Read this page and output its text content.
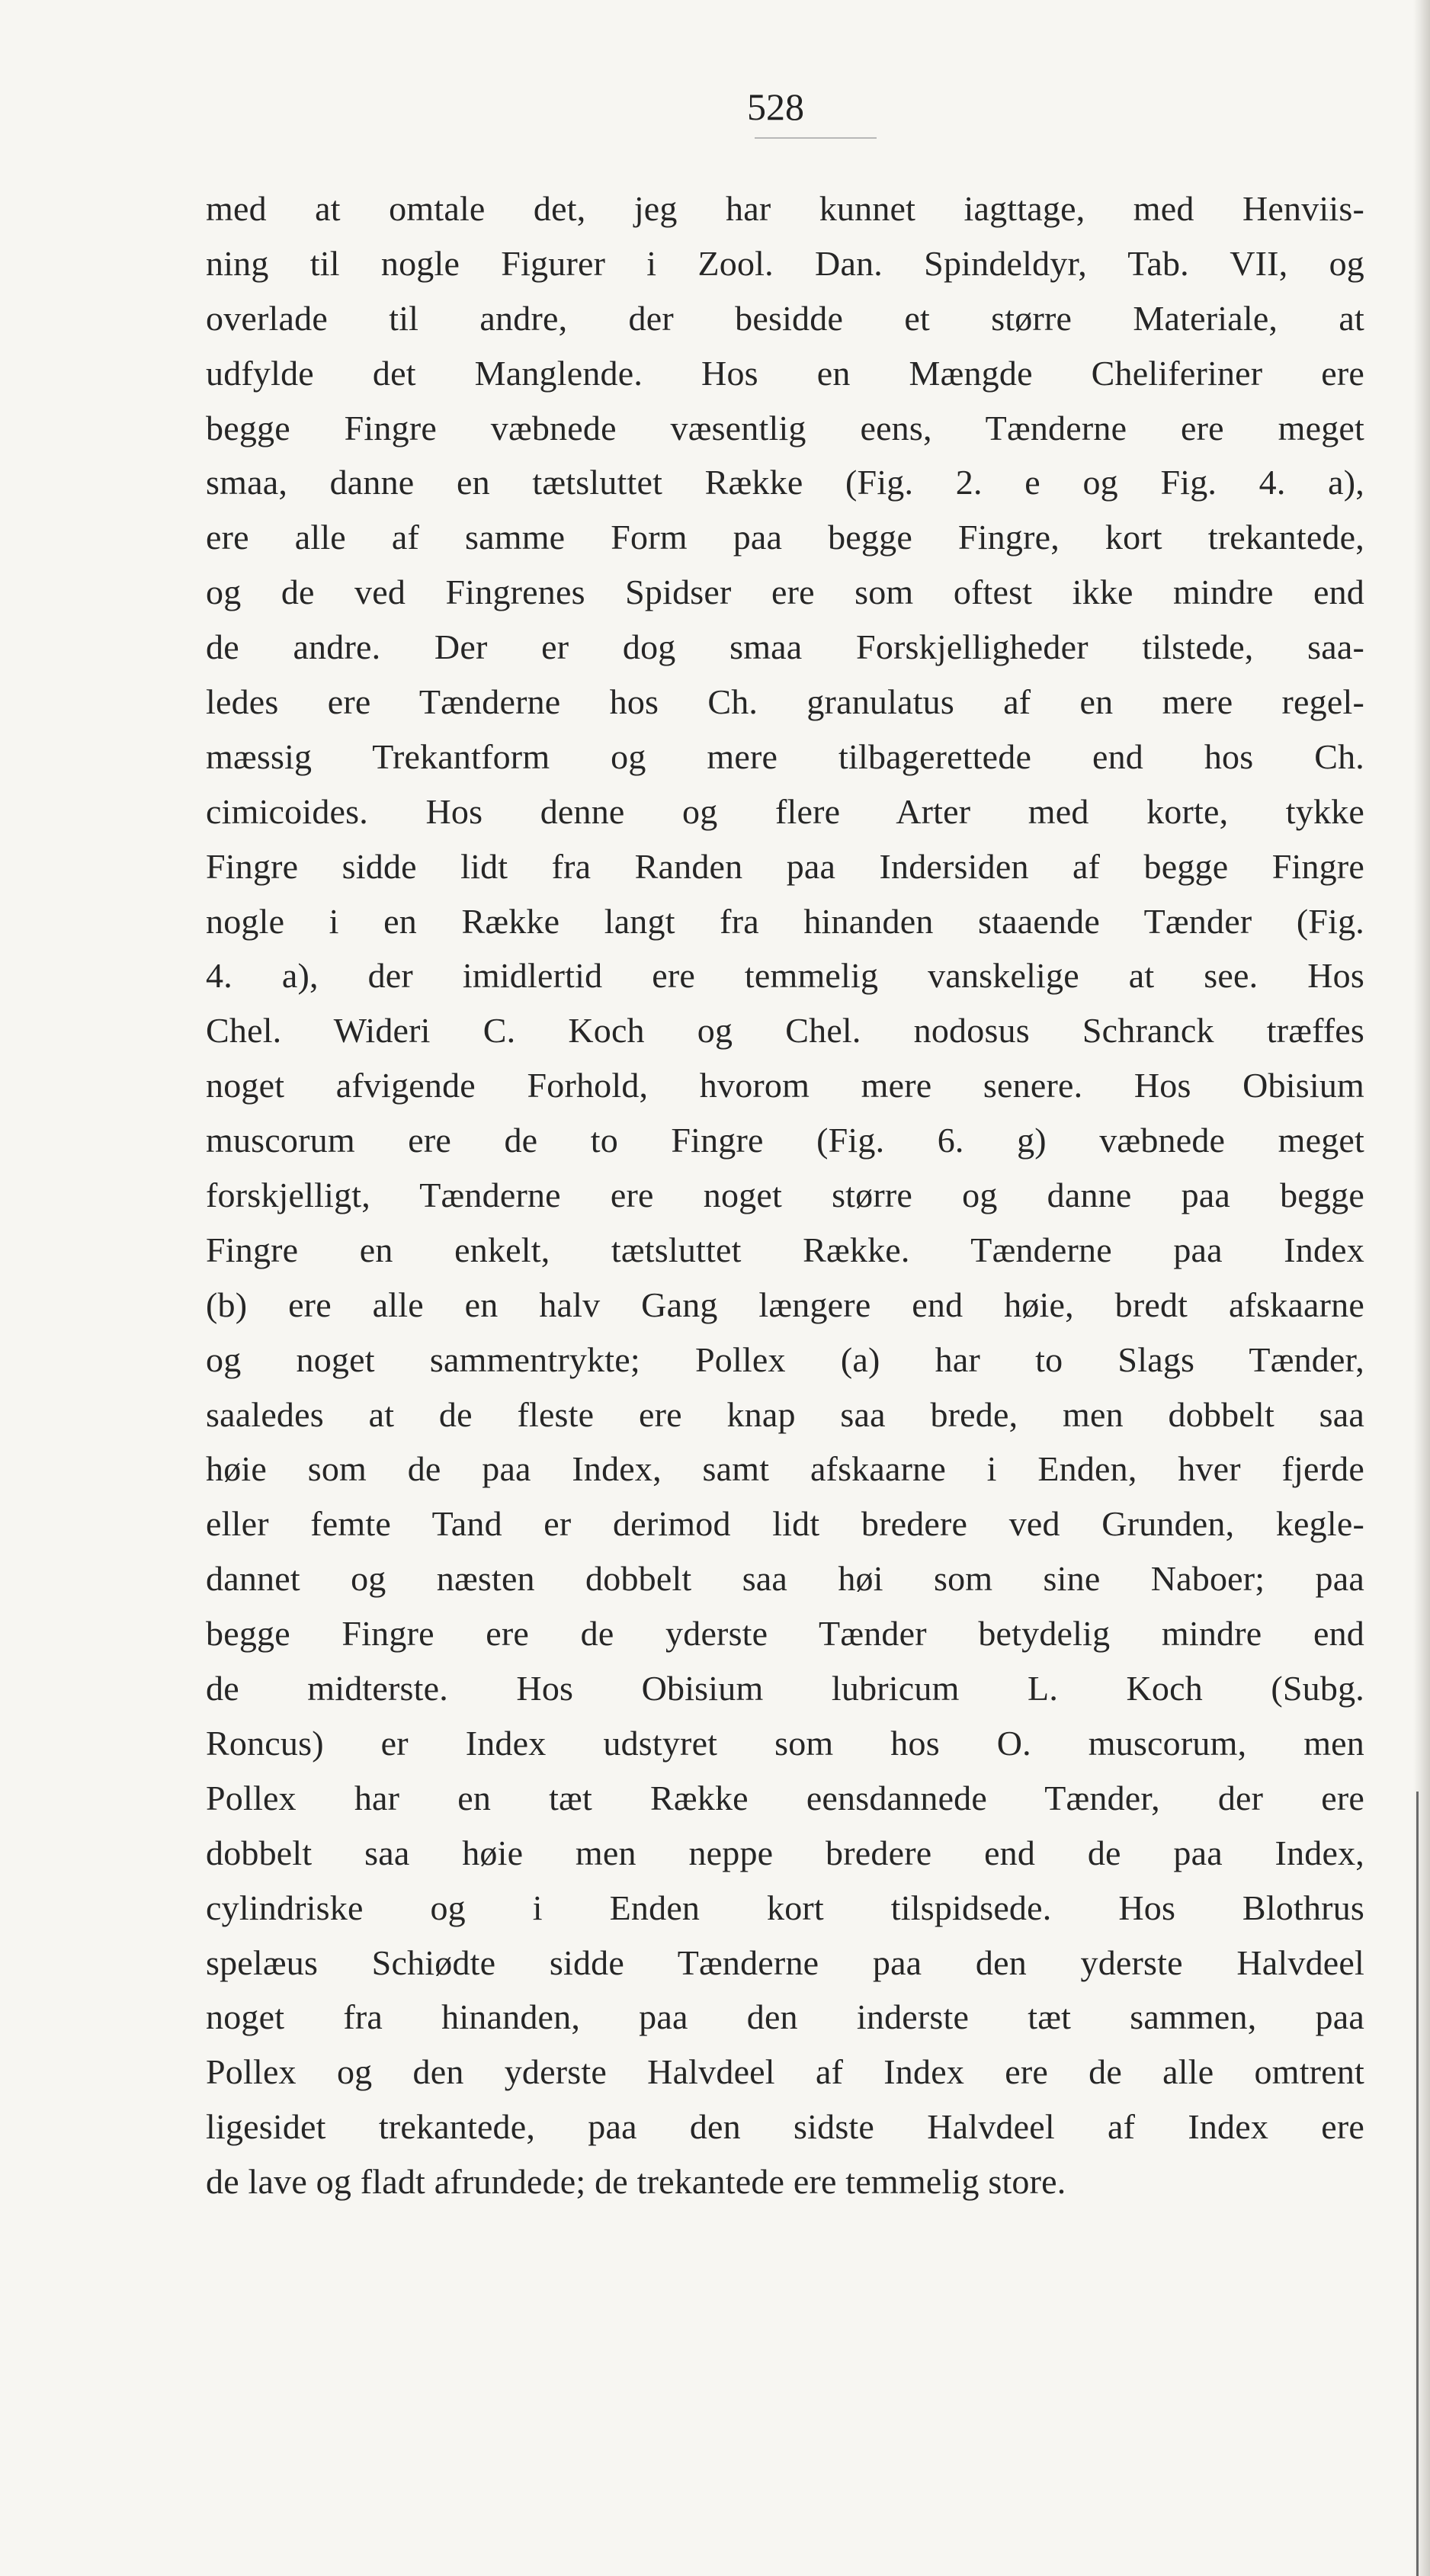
528
med at omtale det, jeg har kunnet iagttage, med Henviis-
ning til nogle Figurer i Zool. Dan. Spindeldyr, Tab. VII, og
overlade til andre, der besidde et større Materiale, at
udfylde det Manglende. Hos en Mængde Cheliferiner ere
begge Fingre væbnede væsentlig eens, Tænderne ere meget
smaa, danne en tætsluttet Række (Fig. 2. e og Fig. 4. a),
ere alle af samme Form paa begge Fingre, kort trekantede,
og de ved Fingrenes Spidser ere som oftest ikke mindre end
de andre. Der er dog smaa Forskjelligheder tilstede, saa-
ledes ere Tænderne hos Ch. granulatus af en mere regel-
mæssig Trekantform og mere tilbagerettede end hos Ch.
cimicoides. Hos denne og flere Arter med korte, tykke
Fingre sidde lidt fra Randen paa Indersiden af begge Fingre
nogle i en Række langt fra hinanden staaende Tænder (Fig.
4. a), der imidlertid ere temmelig vanskelige at see. Hos
Chel. Wideri C. Koch og Chel. nodosus Schranck træffes
noget afvigende Forhold, hvorom mere senere. Hos Obisium
muscorum ere de to Fingre (Fig. 6. g) væbnede meget
forskjelligt, Tænderne ere noget større og danne paa begge
Fingre en enkelt, tætsluttet Række. Tænderne paa Index
(b) ere alle en halv Gang længere end høie, bredt afskaarne
og noget sammentrykte; Pollex (a) har to Slags Tænder,
saaledes at de fleste ere knap saa brede, men dobbelt saa
høie som de paa Index, samt afskaarne i Enden, hver fjerde
eller femte Tand er derimod lidt bredere ved Grunden, kegle-
dannet og næsten dobbelt saa høi som sine Naboer; paa
begge Fingre ere de yderste Tænder betydelig mindre end
de midterste. Hos Obisium lubricum L. Koch (Subg.
Roncus) er Index udstyret som hos O. muscorum, men
Pollex har en tæt Række eensdannede Tænder, der ere
dobbelt saa høie men neppe bredere end de paa Index,
cylindriske og i Enden kort tilspidsede. Hos Blothrus
spelæus Schiødte sidde Tænderne paa den yderste Halvdeel
noget fra hinanden, paa den inderste tæt sammen, paa
Pollex og den yderste Halvdeel af Index ere de alle omtrent
ligesidet trekantede, paa den sidste Halvdeel af Index ere
de lave og fladt afrundede; de trekantede ere temmelig store.
